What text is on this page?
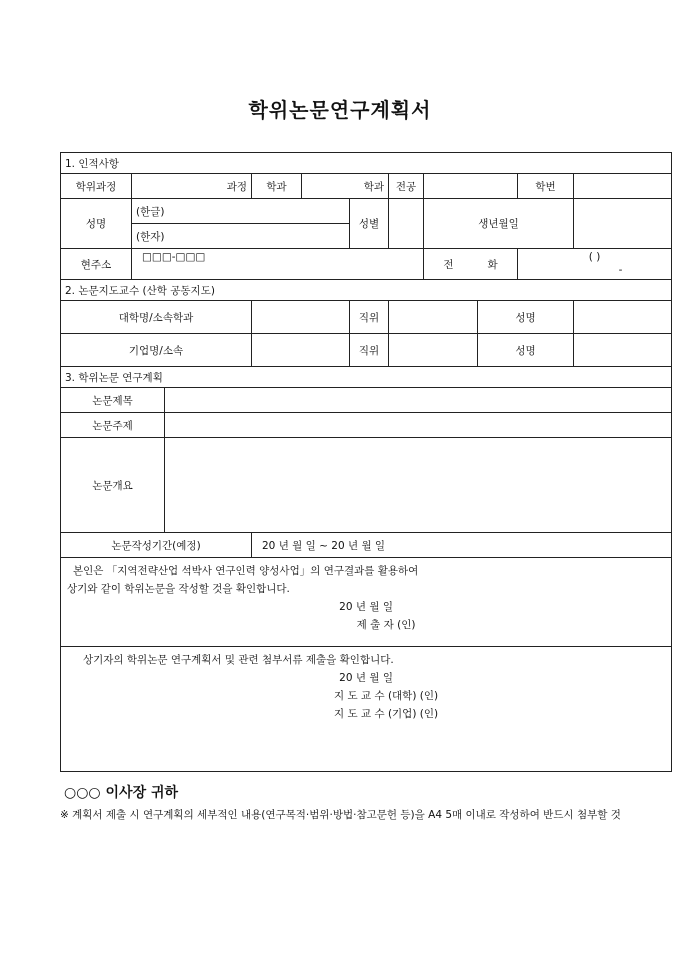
학위논문연구계획서
1. 인적사항										
학위과정	과정		학과	학과		전공			학번	
성명	(한글)				성별		생년월일			
	(한자)									
현주소	□□□-□□□						전 화		( )
-	

2. 논문지도교수 (산학 공동지도)										
대학명/소속학과					직위			성명		
기업명/소속					직위			성명		
3. 학위논문 연구계획										
논문제목										
논문주제										
논문개요										
논문작성기간(예정)			20 년 월 일 ~ 20 년 월 일							

본인은 「지역전략산업 석박사 연구인력 양성사업」의 연구결과를 활용하여
상기와 같이 학위논문을 작성할 것을 확인합니다.
20 년 월 일
제 출 자 (인)										

상기자의 학위논문 연구계획서 및 관련 첨부서류 제출을 확인합니다.
20 년 월 일
지 도 교 수 (대학) (인)
지 도 교 수 (기업) (인)										
○○○ 이사장 귀하
※ 계획서 제출 시 연구계획의 세부적인 내용(연구목적·범위·방법·참고문헌 등)을 A4 5매 이내로 작성하여 반드시 첨부할 것
